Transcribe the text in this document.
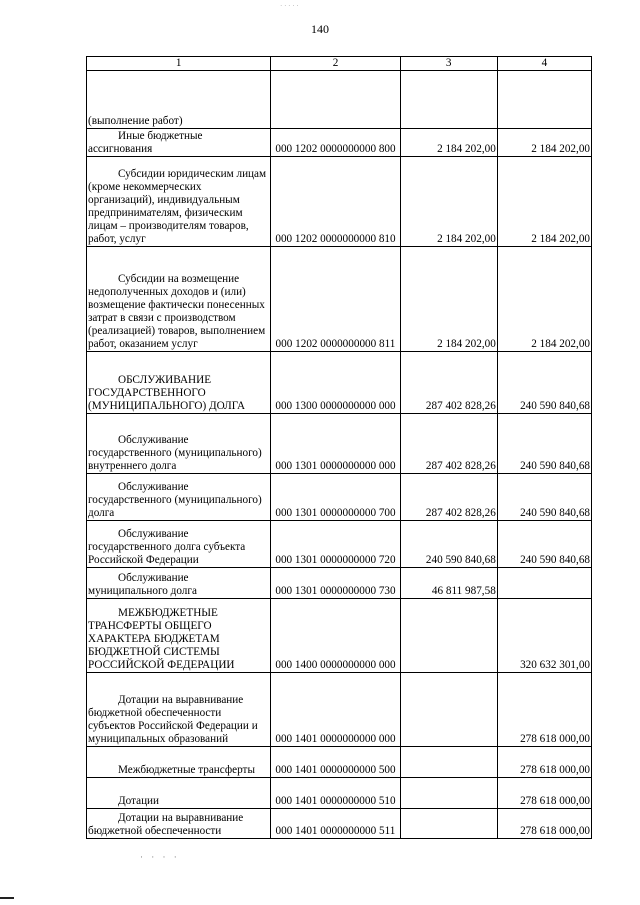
· · · · ·
140
1	2	3	4
(выполнение работ)			
Иные бюджетные ассигнования	000 1202 0000000000 800	2 184 202,00	2 184 202,00
Субсидии юридическим лицам (кроме некоммерческих организаций), индивидуальным предпринимателям, физическим лицам – производителям товаров, работ, услуг	000 1202 0000000000 810	2 184 202,00	2 184 202,00
Субсидии на возмещение недополученных доходов и (или) возмещение фактически понесенных затрат в связи с производством (реализацией) товаров, выполнением работ, оказанием услуг	000 1202 0000000000 811	2 184 202,00	2 184 202,00
ОБСЛУЖИВАНИЕ ГОСУДАРСТВЕННОГО (МУНИЦИПАЛЬНОГО) ДОЛГА	000 1300 0000000000 000	287 402 828,26	240 590 840,68
Обслуживание государственного (муниципального) внутреннего долга	000 1301 0000000000 000	287 402 828,26	240 590 840,68
Обслуживание государственного (муниципального) долга	000 1301 0000000000 700	287 402 828,26	240 590 840,68
Обслуживание государственного долга субъекта Российской Федерации	000 1301 0000000000 720	240 590 840,68	240 590 840,68
Обслуживание муниципального долга	000 1301 0000000000 730	46 811 987,58	
МЕЖБЮДЖЕТНЫЕ ТРАНСФЕРТЫ ОБЩЕГО ХАРАКТЕРА БЮДЖЕТАМ БЮДЖЕТНОЙ СИСТЕМЫ РОССИЙСКОЙ ФЕДЕРАЦИИ	000 1400 0000000000 000		320 632 301,00
Дотации на выравнивание бюджетной обеспеченности субъектов Российской Федерации и муниципальных образований	000 1401 0000000000 000		278 618 000,00
Межбюджетные трансферты	000 1401 0000000000 500		278 618 000,00
Дотации	000 1401 0000000000 510		278 618 000,00
Дотации на выравнивание бюджетной обеспеченности	000 1401 0000000000 511		278 618 000,00
· · · ·
